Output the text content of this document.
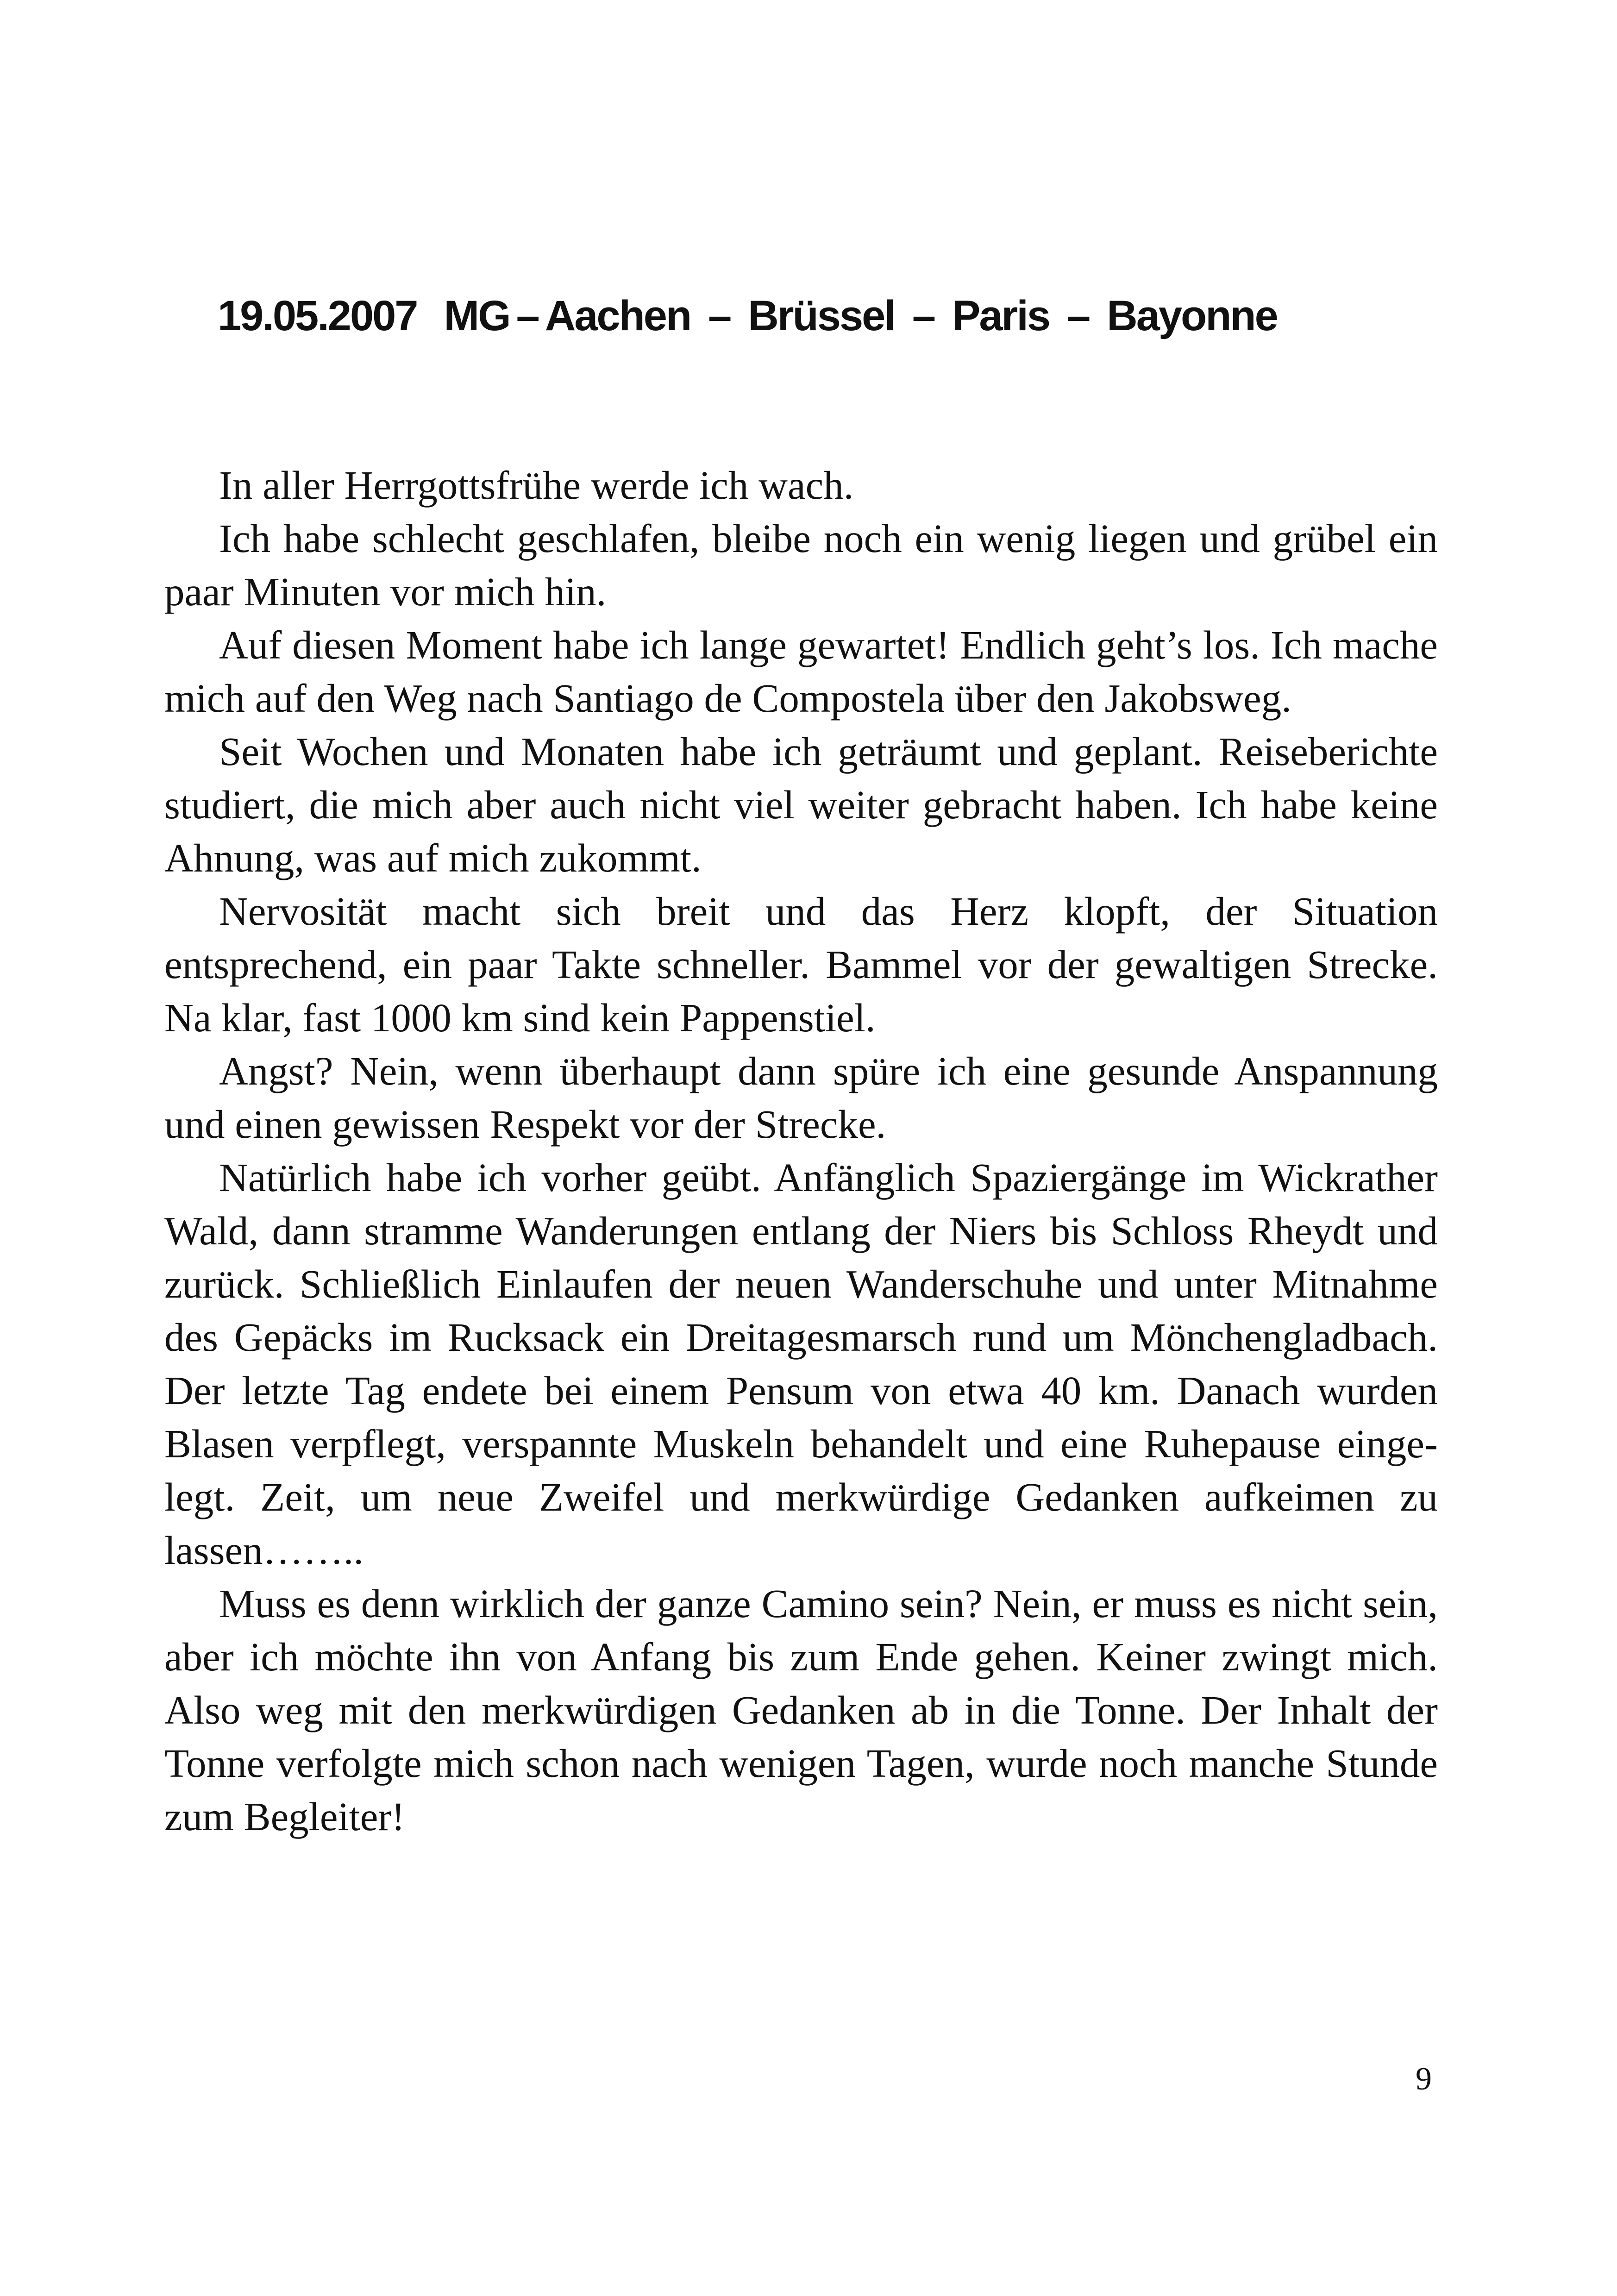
19.05.2007 MG – Aachen – Brüssel – Paris – Bayonne

In aller Herrgottsfrühe werde ich wach.

Ich habe schlecht geschlafen, bleibe noch ein wenig liegen und grübel ein paar Minuten vor mich hin.

Auf diesen Moment habe ich lange gewartet! Endlich geht’s los. Ich mache mich auf den Weg nach Santiago de Compostela über den Jakobsweg.

Seit Wochen und Monaten habe ich geträumt und geplant. Reiseberichte studiert, die mich aber auch nicht viel weiter gebracht haben. Ich habe keine Ahnung, was auf mich zukommt.

Nervosität macht sich breit und das Herz klopft, der Situation entsprechend, ein paar Takte schneller. Bammel vor der gewaltigen Strecke. Na klar, fast 1000 km sind kein Pappenstiel.

Angst? Nein, wenn überhaupt dann spüre ich eine gesunde Anspannung und einen gewissen Respekt vor der Strecke.

Natürlich habe ich vorher geübt. Anfänglich Spaziergänge im Wickrather Wald, dann stramme Wanderungen entlang der Niers bis Schloss Rheydt und zurück. Schließlich Einlaufen der neuen Wanderschuhe und unter Mitnahme des Gepäcks im Rucksack ein Dreitagesmarsch rund um Mönchengladbach. Der letzte Tag endete bei einem Pensum von etwa 40 km. Danach wurden Blasen verpflegt, verspannte Muskeln behandelt und eine Ruhepause eingelegt. Zeit, um neue Zweifel und merkwürdige Gedanken aufkeimen zu lassen……..

Muss es denn wirklich der ganze Camino sein? Nein, er muss es nicht sein, aber ich möchte ihn von Anfang bis zum Ende gehen. Keiner zwingt mich. Also weg mit den merkwürdigen Gedanken ab in die Tonne. Der Inhalt der Tonne verfolgte mich schon nach wenigen Tagen, wurde noch manche Stunde zum Begleiter!

9
